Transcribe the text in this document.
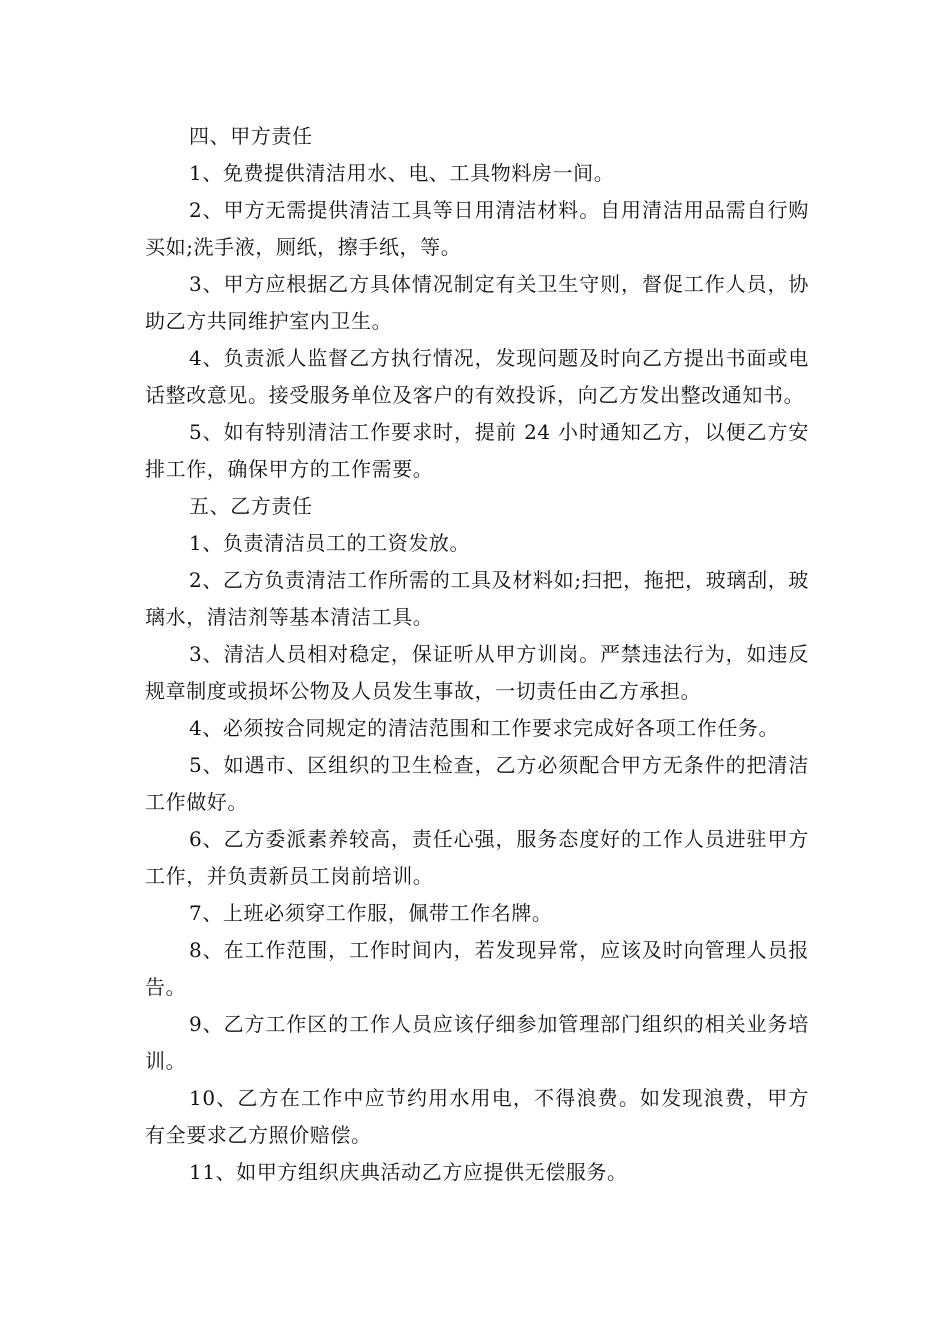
四、甲方责任

1、免费提供清洁用水、电、工具物料房一间。

2、甲方无需提供清洁工具等日用清洁材料。自用清洁用品需自行购买如;洗手液，厕纸，擦手纸，等。

3、甲方应根据乙方具体情况制定有关卫生守则，督促工作人员，协助乙方共同维护室内卫生。

4、负责派人监督乙方执行情况，发现问题及时向乙方提出书面或电话整改意见。接受服务单位及客户的有效投诉，向乙方发出整改通知书。

5、如有特别清洁工作要求时，提前 24 小时通知乙方，以便乙方安排工作，确保甲方的工作需要。

五、乙方责任

1、负责清洁员工的工资发放。

2、乙方负责清洁工作所需的工具及材料如;扫把，拖把，玻璃刮，玻璃水，清洁剂等基本清洁工具。

3、清洁人员相对稳定，保证听从甲方训岗。严禁违法行为，如违反规章制度或损坏公物及人员发生事故，一切责任由乙方承担。

4、必须按合同规定的清洁范围和工作要求完成好各项工作任务。

5、如遇市、区组织的卫生检查，乙方必须配合甲方无条件的把清洁工作做好。

6、乙方委派素养较高，责任心强，服务态度好的工作人员进驻甲方工作，并负责新员工岗前培训。

7、上班必须穿工作服，佩带工作名牌。

8、在工作范围，工作时间内，若发现异常，应该及时向管理人员报告。

9、乙方工作区的工作人员应该仔细参加管理部门组织的相关业务培训。

10、乙方在工作中应节约用水用电，不得浪费。如发现浪费，甲方有全要求乙方照价赔偿。

11、如甲方组织庆典活动乙方应提供无偿服务。
